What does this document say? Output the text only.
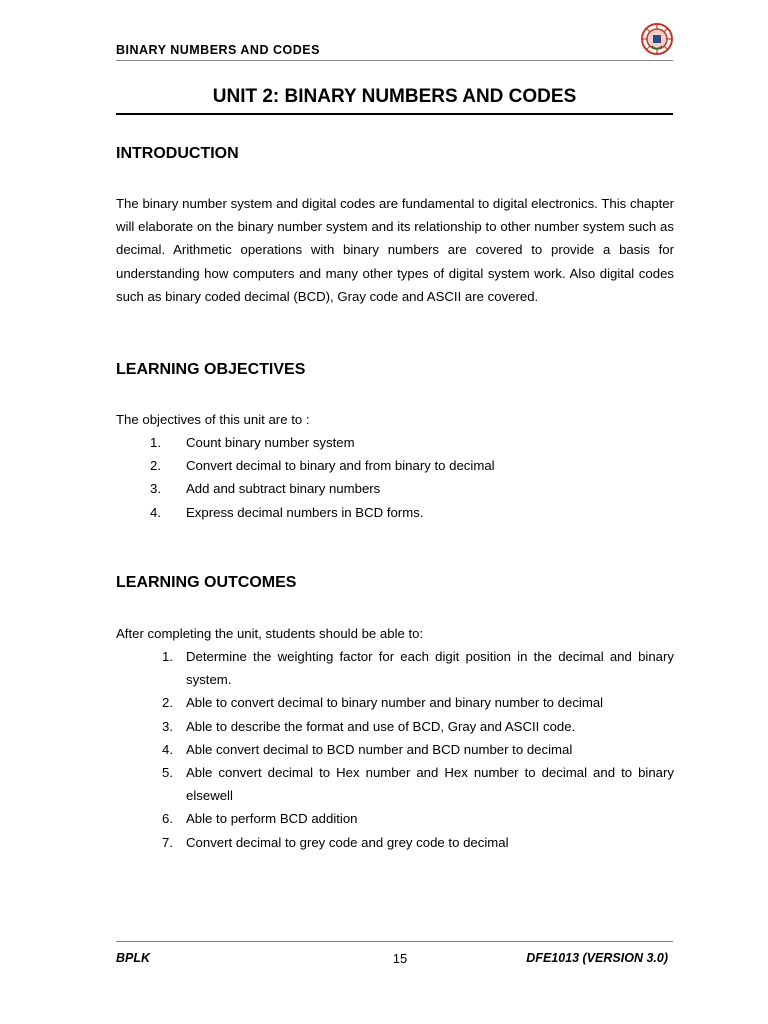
BINARY NUMBERS AND CODES
UNIT 2: BINARY NUMBERS AND CODES
INTRODUCTION

The binary number system and digital codes are fundamental to digital electronics. This chapter will elaborate on the binary number system and its relationship to other number system such as decimal. Arithmetic operations with binary numbers are covered to provide a basis for understanding how computers and many other types of digital system work. Also digital codes such as binary coded decimal (BCD), Gray code and ASCII are covered.

LEARNING OBJECTIVES
The objectives of this unit are to :
1. Count binary number system
2. Convert decimal to binary and from binary to decimal
3. Add and subtract binary numbers
4. Express decimal numbers in BCD forms.
LEARNING OUTCOMES
After completing the unit, students should be able to:
1. Determine the weighting factor for each digit position in the decimal and binary system.
2. Able to convert decimal to binary number and binary number to decimal
3. Able to describe the format and use of BCD, Gray and ASCII code.
4. Able convert decimal to BCD number and BCD number to decimal
5. Able convert decimal to Hex number and Hex number to decimal and to binary elsewell
6. Able to perform BCD addition
7. Convert decimal to grey code and grey code to decimal
BPLK	15	DFE1013 (VERSION 3.0)
